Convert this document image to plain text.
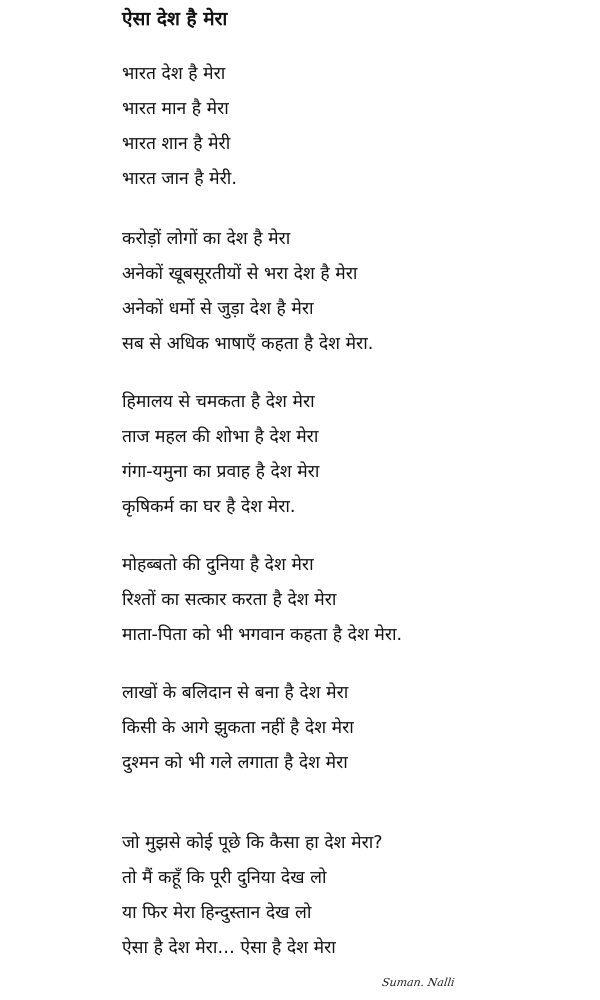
ऐसा देश है मेरा
भारत देश है मेरा
भारत मान है मेरा
भारत शान है मेरी
भारत जान है मेरी.
करोड़ों लोगों का देश है मेरा
अनेकों खूबसूरतीयों से भरा देश है मेरा
अनेकों धर्मो से जुड़ा देश है मेरा
सब से अधिक भाषाएँ कहता है देश मेरा.
हिमालय से चमकता है देश मेरा
ताज महल की शोभा है देश मेरा
गंगा-यमुना का प्रवाह है देश मेरा
कृषिकर्म का घर है देश मेरा.
मोहब्बतो की दुनिया है देश मेरा
रिश्तों का सत्कार करता है देश मेरा
माता-पिता को भी भगवान कहता है देश मेरा.
लाखों के बलिदान से बना है देश मेरा
किसी के आगे झुकता नहीं है देश मेरा
दुश्मन को भी गले लगाता है देश मेरा
जो मुझसे कोई पूछे कि कैसा हा देश मेरा?
तो मैं कहूँ कि पूरी दुनिया देख लो
या फिर मेरा हिन्दुस्तान देख लो
ऐसा है देश मेरा… ऐसा है देश मेरा
Suman. Nalli
